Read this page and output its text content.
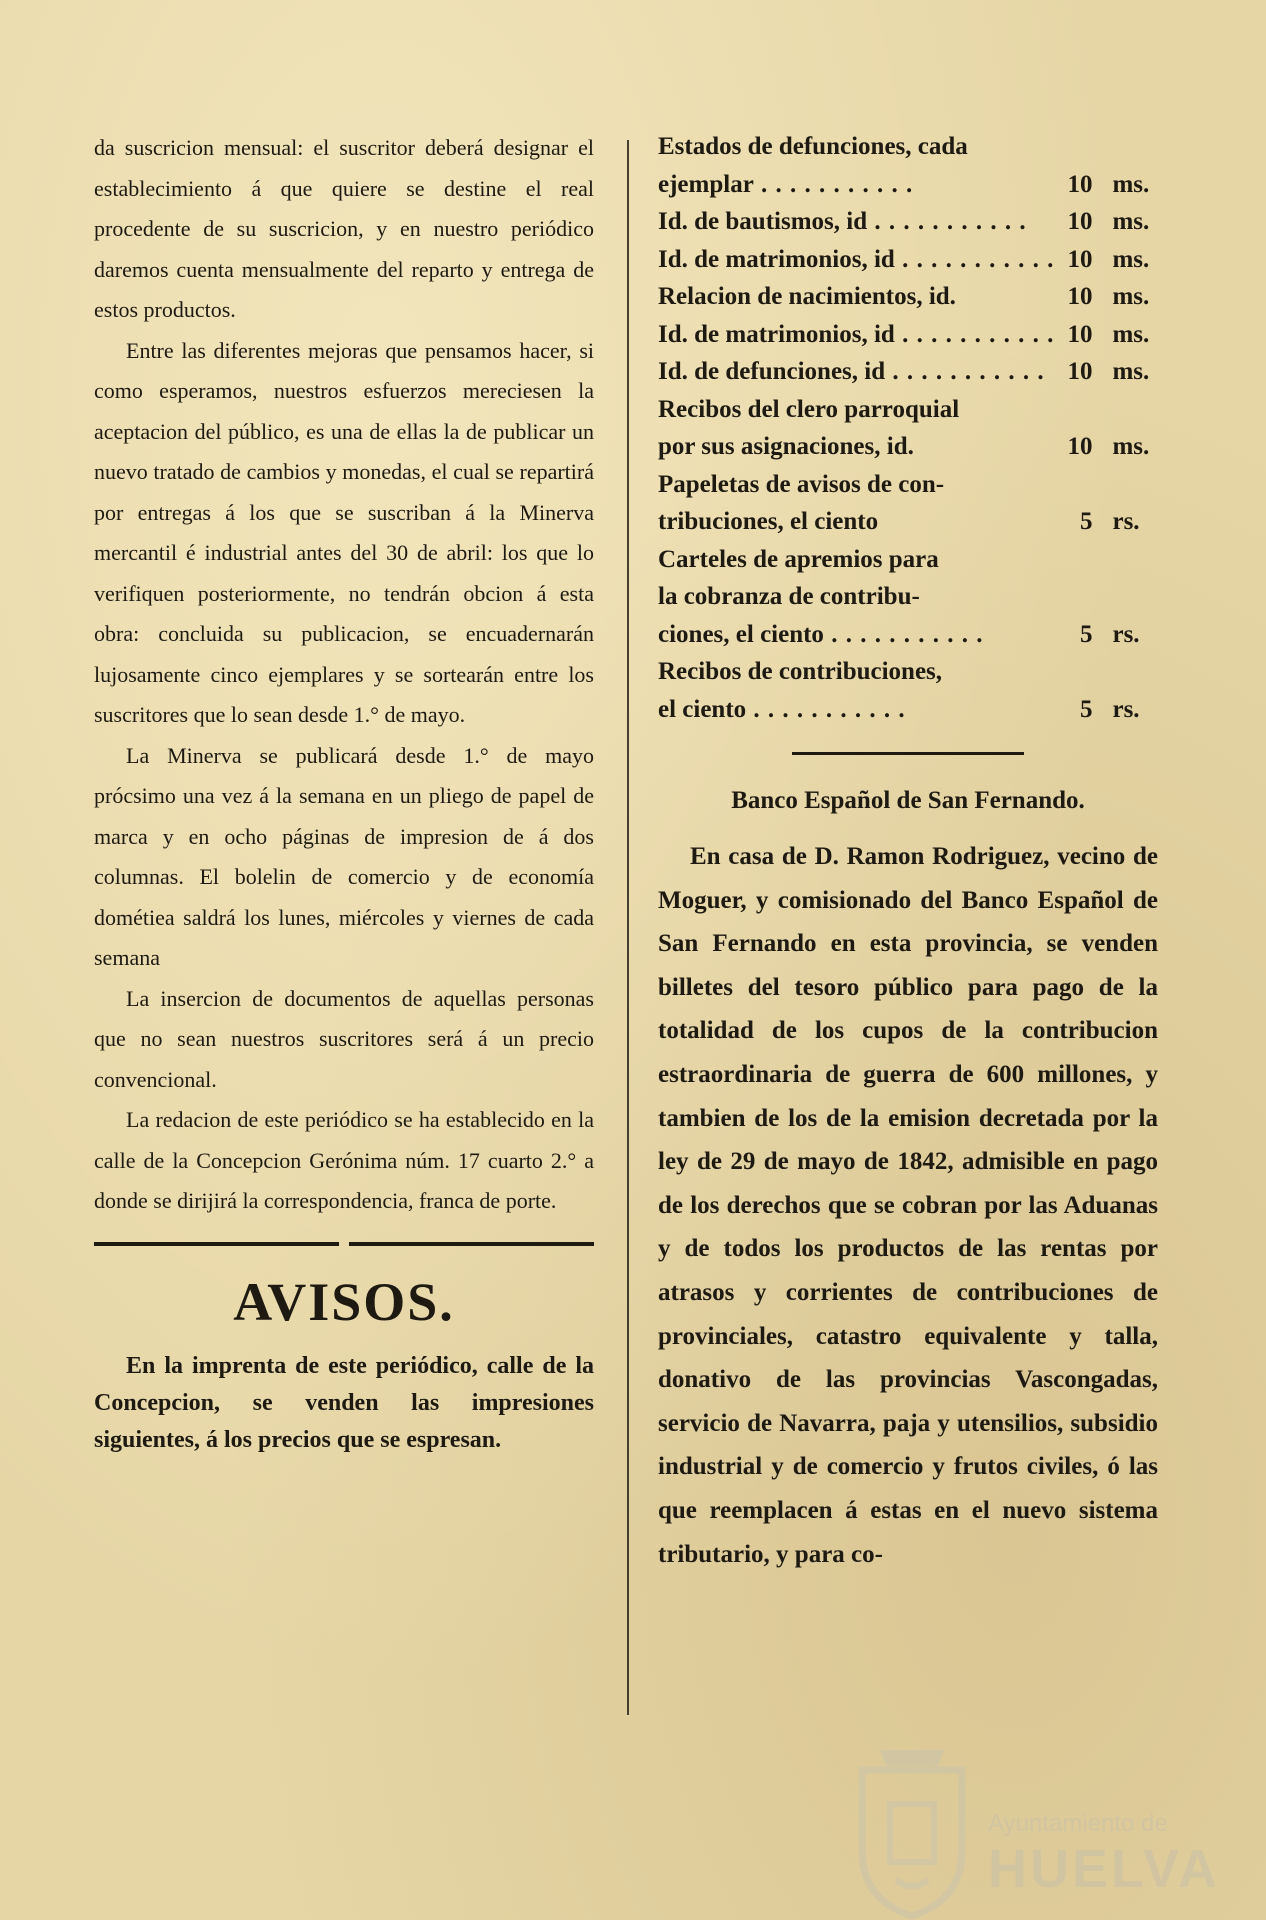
da suscricion mensual: el suscritor deberá designar el establecimiento á que quiere se destine el real procedente de su suscricion, y en nuestro periódico daremos cuenta mensualmente del reparto y entrega de estos productos.

Entre las diferentes mejoras que pensamos hacer, si como esperamos, nuestros esfuerzos mereciesen la aceptacion del público, es una de ellas la de publicar un nuevo tratado de cambios y monedas, el cual se repartirá por entregas á los que se suscriban á la Minerva mercantil é industrial antes del 30 de abril: los que lo verifiquen posteriormente, no tendrán obcion á esta obra: concluida su publicacion, se encuadernarán lujosamente cinco ejemplares y se sortearán entre los suscritores que lo sean desde 1.° de mayo.

La Minerva se publicará desde 1.° de mayo prócsimo una vez á la semana en un pliego de papel de marca y en ocho páginas de impresion de á dos columnas. El bolelin de comercio y de economía dométiea saldrá los lunes, miércoles y viernes de cada semana

La insercion de documentos de aquellas personas que no sean nuestros suscritores será á un precio convencional.

La redacion de este periódico se ha establecido en la calle de la Concepcion Gerónima núm. 17 cuarto 2.° a donde se dirijirá la correspondencia, franca de porte.

AVISOS.

En la imprenta de este periódico, calle de la Concepcion, se venden las impresiones siguientes, á los precios que se espresan.

Estados de defunciones, cada		
ejemplar . . .	10	ms.
Id. de bautismos, id . . .	10	ms.
Id. de matrimonios, id . . .	10	ms.
Relacion de nacimientos, id.	10	ms.
Id. de matrimonios, id . . .	10	ms.
Id. de defunciones, id . . .	10	ms.
Recibos del clero parroquial		
por sus asignaciones, id.	10	ms.
Papeletas de avisos de con-		
tribuciones, el ciento	5	rs.
Carteles de apremios para		
la cobranza de contribu-		
ciones, el ciento . . .	5	rs.
Recibos de contribuciones,		
el ciento . . .	5	rs.
Banco Español de San Fernando.

En casa de D. Ramon Rodriguez, vecino de Moguer, y comisionado del Banco Español de San Fernando en esta provincia, se venden billetes del tesoro público para pago de la totalidad de los cupos de la contribucion estraordinaria de guerra de 600 millones, y tambien de los de la emision decretada por la ley de 29 de mayo de 1842, admisible en pago de los derechos que se cobran por las Aduanas y de todos los productos de las rentas por atrasos y corrientes de contribuciones de provinciales, catastro equivalente y talla, donativo de las provincias Vascongadas, servicio de Navarra, paja y utensilios, subsidio industrial y de comercio y frutos civiles, ó las que reemplacen á estas en el nuevo sistema tributario, y para co-

Ayuntamiento de
HUELVA
